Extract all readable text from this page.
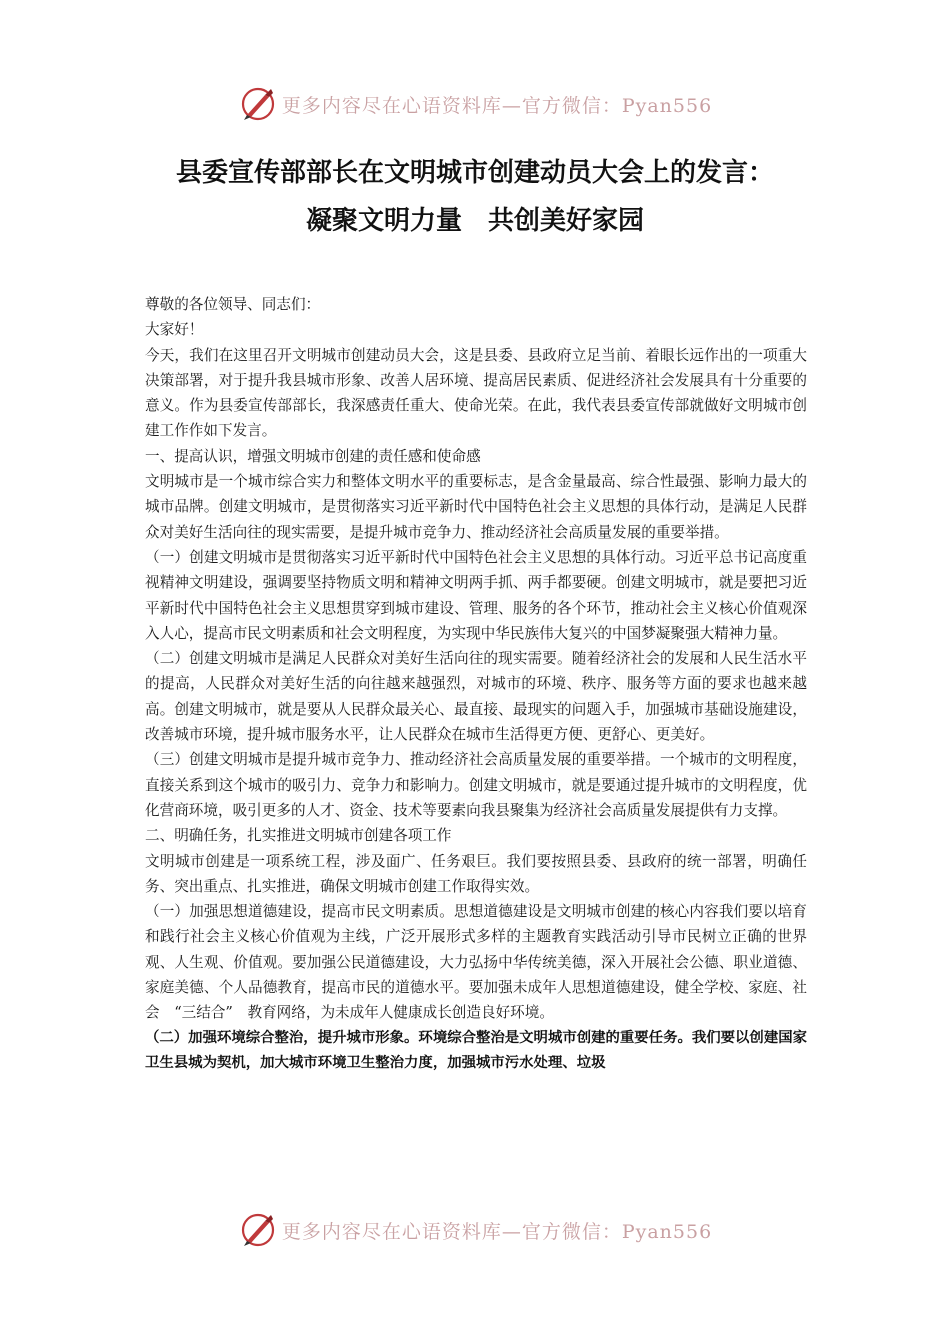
更多内容尽在心语资料库—官方微信：Pyan556
县委宣传部部长在文明城市创建动员大会上的发言：
凝聚文明力量　共创美好家园

尊敬的各位领导、同志们：

大家好！

今天，我们在这里召开文明城市创建动员大会，这是县委、县政府立足当前、着眼长远作出的一项重大决策部署，对于提升我县城市形象、改善人居环境、提高居民素质、促进经济社会发展具有十分重要的意义。作为县委宣传部部长，我深感责任重大、使命光荣。在此，我代表县委宣传部就做好文明城市创建工作作如下发言。

一、提高认识，增强文明城市创建的责任感和使命感

文明城市是一个城市综合实力和整体文明水平的重要标志，是含金量最高、综合性最强、影响力最大的城市品牌。创建文明城市，是贯彻落实习近平新时代中国特色社会主义思想的具体行动，是满足人民群众对美好生活向往的现实需要，是提升城市竞争力、推动经济社会高质量发展的重要举措。

（一）创建文明城市是贯彻落实习近平新时代中国特色社会主义思想的具体行动。习近平总书记高度重视精神文明建设，强调要坚持物质文明和精神文明两手抓、两手都要硬。创建文明城市，就是要把习近平新时代中国特色社会主义思想贯穿到城市建设、管理、服务的各个环节，推动社会主义核心价值观深入人心，提高市民文明素质和社会文明程度，为实现中华民族伟大复兴的中国梦凝聚强大精神力量。

（二）创建文明城市是满足人民群众对美好生活向往的现实需要。随着经济社会的发展和人民生活水平的提高，人民群众对美好生活的向往越来越强烈，对城市的环境、秩序、服务等方面的要求也越来越高。创建文明城市，就是要从人民群众最关心、最直接、最现实的问题入手，加强城市基础设施建设，改善城市环境，提升城市服务水平，让人民群众在城市生活得更方便、更舒心、更美好。

（三）创建文明城市是提升城市竞争力、推动经济社会高质量发展的重要举措。一个城市的文明程度，直接关系到这个城市的吸引力、竞争力和影响力。创建文明城市，就是要通过提升城市的文明程度，优化营商环境，吸引更多的人才、资金、技术等要素向我县聚集为经济社会高质量发展提供有力支撑。

二、明确任务，扎实推进文明城市创建各项工作

文明城市创建是一项系统工程，涉及面广、任务艰巨。我们要按照县委、县政府的统一部署，明确任务、突出重点、扎实推进，确保文明城市创建工作取得实效。

（一）加强思想道德建设，提高市民文明素质。思想道德建设是文明城市创建的核心内容我们要以培育和践行社会主义核心价值观为主线，广泛开展形式多样的主题教育实践活动引导市民树立正确的世界观、人生观、价值观。要加强公民道德建设，大力弘扬中华传统美德，深入开展社会公德、职业道德、家庭美德、个人品德教育，提高市民的道德水平。要加强未成年人思想道德建设，健全学校、家庭、社会　“三结合”　教育网络，为未成年人健康成长创造良好环境。

（二）加强环境综合整治，提升城市形象。环境综合整治是文明城市创建的重要任务。我们要以创建国家卫生县城为契机，加大城市环境卫生整治力度，加强城市污水处理、垃圾

更多内容尽在心语资料库—官方微信：Pyan556
